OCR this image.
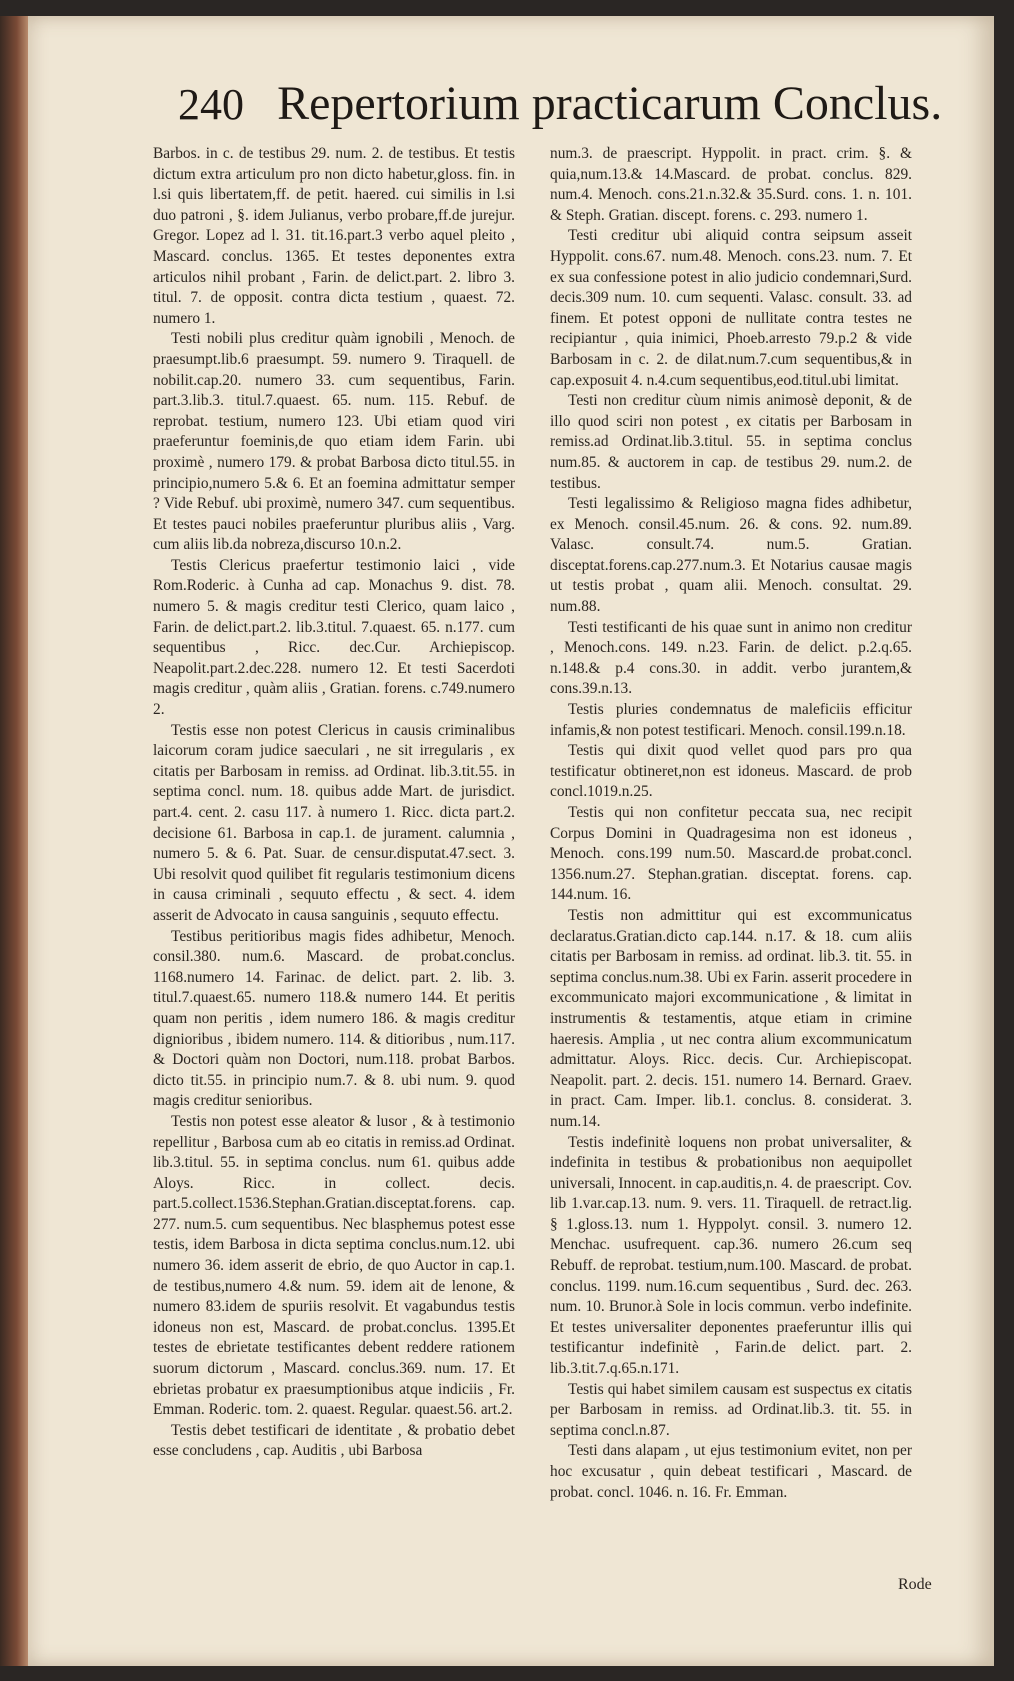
240 Repertorium practicarum Conclus.

Barbos. in c. de testibus 29. num. 2. de testibus. Et testis dictum extra articulum pro non dicto habetur,gloss. fin. in l.si quis libertatem,ff. de petit. haered. cui similis in l.si duo patroni , §. idem Julianus, verbo probare,ff.de jurejur. Gregor. Lopez ad l. 31. tit.16.part.3 verbo aquel pleito , Mascard. conclus. 1365. Et testes deponentes extra articulos nihil probant , Farin. de delict.part. 2. libro 3. titul. 7. de opposit. contra dicta testium , quaest. 72. numero 1.

Testi nobili plus creditur quàm ignobili , Menoch. de praesumpt.lib.6 praesumpt. 59. numero 9. Tiraquell. de nobilit.cap.20. numero 33. cum sequentibus, Farin. part.3.lib.3. titul.7.quaest. 65. num. 115. Rebuf. de reprobat. testium, numero 123. Ubi etiam quod viri praeferuntur foeminis,de quo etiam idem Farin. ubi proximè , numero 179. & probat Barbosa dicto titul.55. in principio,numero 5.& 6. Et an foemina admittatur semper ? Vide Rebuf. ubi proximè, numero 347. cum sequentibus. Et testes pauci nobiles praeferuntur pluribus aliis , Varg. cum aliis lib.da nobreza,discurso 10.n.2.

Testis Clericus praefertur testimonio laici , vide Rom.Roderic. à Cunha ad cap. Monachus 9. dist. 78. numero 5. & magis creditur testi Clerico, quam laico , Farin. de delict.part.2. lib.3.titul. 7.quaest. 65. n.177. cum sequentibus , Ricc. dec.Cur. Archiepiscop. Neapolit.part.2.dec.228. numero 12. Et testi Sacerdoti magis creditur , quàm aliis , Gratian. forens. c.749.numero 2.

Testis esse non potest Clericus in causis criminalibus laicorum coram judice saeculari , ne sit irregularis , ex citatis per Barbosam in remiss. ad Ordinat. lib.3.tit.55. in septima concl. num. 18. quibus adde Mart. de jurisdict. part.4. cent. 2. casu 117. à numero 1. Ricc. dicta part.2. decisione 61. Barbosa in cap.1. de jurament. calumnia , numero 5. & 6. Pat. Suar. de censur.disputat.47.sect. 3. Ubi resolvit quod quilibet fit regularis testimonium dicens in causa criminali , sequuto effectu , & sect. 4. idem asserit de Advocato in causa sanguinis , sequuto effectu.

Testibus peritioribus magis fides adhibetur, Menoch. consil.380. num.6. Mascard. de probat.conclus. 1168.numero 14. Farinac. de delict. part. 2. lib. 3. titul.7.quaest.65. numero 118.& numero 144. Et peritis quam non peritis , idem numero 186. & magis creditur dignioribus , ibidem numero. 114. & ditioribus , num.117. & Doctori quàm non Doctori, num.118. probat Barbos. dicto tit.55. in principio num.7. & 8. ubi num. 9. quod magis creditur senioribus.

Testis non potest esse aleator & lusor , & à testimonio repellitur , Barbosa cum ab eo citatis in remiss.ad Ordinat. lib.3.titul. 55. in septima conclus. num 61. quibus adde Aloys. Ricc. in collect. decis. part.5.collect.1536.Stephan.Gratian.disceptat.forens. cap. 277. num.5. cum sequentibus. Nec blasphemus potest esse testis, idem Barbosa in dicta septima conclus.num.12. ubi numero 36. idem asserit de ebrio, de quo Auctor in cap.1. de testibus,numero 4.& num. 59. idem ait de lenone, & numero 83.idem de spuriis resolvit. Et vagabundus testis idoneus non est, Mascard. de probat.conclus. 1395.Et testes de ebrietate testificantes debent reddere rationem suorum dictorum , Mascard. conclus.369. num. 17. Et ebrietas probatur ex praesumptionibus atque indiciis , Fr. Emman. Roderic. tom. 2. quaest. Regular. quaest.56. art.2.

Testis debet testificari de identitate , & probatio debet esse concludens , cap. Auditis , ubi Barbosa

num.3. de praescript. Hyppolit. in pract. crim. §. & quia,num.13.& 14.Mascard. de probat. conclus. 829. num.4. Menoch. cons.21.n.32.& 35.Surd. cons. 1. n. 101. & Steph. Gratian. discept. forens. c. 293. numero 1.

Testi creditur ubi aliquid contra seipsum asseit Hyppolit. cons.67. num.48. Menoch. cons.23. num. 7. Et ex sua confessione potest in alio judicio condemnari,Surd. decis.309 num. 10. cum sequenti. Valasc. consult. 33. ad finem. Et potest opponi de nullitate contra testes ne recipiantur , quia inimici, Phoeb.arresto 79.p.2 & vide Barbosam in c. 2. de dilat.num.7.cum sequentibus,& in cap.exposuit 4. n.4.cum sequentibus,eod.titul.ubi limitat.

Testi non creditur cùum nimis animosè deponit, & de illo quod sciri non potest , ex citatis per Barbosam in remiss.ad Ordinat.lib.3.titul. 55. in septima conclus num.85. & auctorem in cap. de testibus 29. num.2. de testibus.

Testi legalissimo & Religioso magna fides adhibetur, ex Menoch. consil.45.num. 26. & cons. 92. num.89. Valasc. consult.74. num.5. Gratian. disceptat.forens.cap.277.num.3. Et Notarius causae magis ut testis probat , quam alii. Menoch. consultat. 29. num.88.

Testi testificanti de his quae sunt in animo non creditur , Menoch.cons. 149. n.23. Farin. de delict. p.2.q.65. n.148.& p.4 cons.30. in addit. verbo jurantem,& cons.39.n.13.

Testis pluries condemnatus de maleficiis efficitur infamis,& non potest testificari. Menoch. consil.199.n.18.

Testis qui dixit quod vellet quod pars pro qua testificatur obtineret,non est idoneus. Mascard. de prob concl.1019.n.25.

Testis qui non confitetur peccata sua, nec recipit Corpus Domini in Quadragesima non est idoneus , Menoch. cons.199 num.50. Mascard.de probat.concl. 1356.num.27. Stephan.gratian. disceptat. forens. cap. 144.num. 16.

Testis non admittitur qui est excommunicatus declaratus.Gratian.dicto cap.144. n.17. & 18. cum aliis citatis per Barbosam in remiss. ad ordinat. lib.3. tit. 55. in septima conclus.num.38. Ubi ex Farin. asserit procedere in excommunicato majori excommunicatione , & limitat in instrumentis & testamentis, atque etiam in crimine haeresis. Amplia , ut nec contra alium excommunicatum admittatur. Aloys. Ricc. decis. Cur. Archiepiscopat. Neapolit. part. 2. decis. 151. numero 14. Bernard. Graev. in pract. Cam. Imper. lib.1. conclus. 8. considerat. 3. num.14.

Testis indefinitè loquens non probat universaliter, & indefinita in testibus & probationibus non aequipollet universali, Innocent. in cap.auditis,n. 4. de praescript. Cov. lib 1.var.cap.13. num. 9. vers. 11. Tiraquell. de retract.lig. § 1.gloss.13. num 1. Hyppolyt. consil. 3. numero 12. Menchac. usufrequent. cap.36. numero 26.cum seq Rebuff. de reprobat. testium,num.100. Mascard. de probat. conclus. 1199. num.16.cum sequentibus , Surd. dec. 263. num. 10. Brunor.à Sole in locis commun. verbo indefinite. Et testes universaliter deponentes praeferuntur illis qui testificantur indefinitè , Farin.de delict. part. 2. lib.3.tit.7.q.65.n.171.

Testis qui habet similem causam est suspectus ex citatis per Barbosam in remiss. ad Ordinat.lib.3. tit. 55. in septima concl.n.87.

Testi dans alapam , ut ejus testimonium evitet, non per hoc excusatur , quin debeat testificari , Mascard. de probat. concl. 1046. n. 16. Fr. Emman.

Rode
